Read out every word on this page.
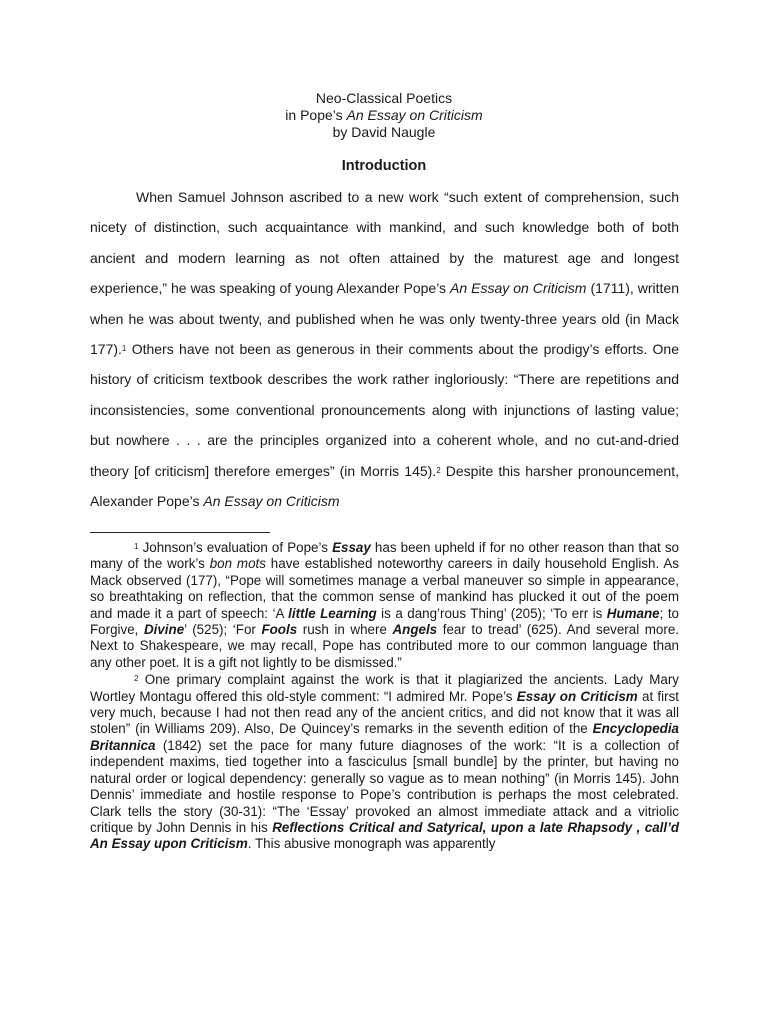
Neo-Classical Poetics
in Pope’s An Essay on Criticism
by David Naugle
Introduction

When Samuel Johnson ascribed to a new work “such extent of comprehension, such nicety of distinction, such acquaintance with mankind, and such knowledge both of both ancient and modern learning as not often attained by the maturest age and longest experience,” he was speaking of young Alexander Pope’s An Essay on Criticism (1711), written when he was about twenty, and published when he was only twenty-three years old (in Mack 177).$^1$ Others have not been as generous in their comments about the prodigy’s efforts. One history of criticism textbook describes the work rather ingloriously: “There are repetitions and inconsistencies, some conventional pronouncements along with injunctions of lasting value; but nowhere . . . are the principles organized into a coherent whole, and no cut-and-dried theory [of criticism] therefore emerges” (in Morris 145).$^2$ Despite this harsher pronouncement, Alexander Pope’s An Essay on Criticism

$^1$ Johnson’s evaluation of Pope’s Essay has been upheld if for no other reason than that so many of the work’s bon mots have established noteworthy careers in daily household English. As Mack observed (177), “Pope will sometimes manage a verbal maneuver so simple in appearance, so breathtaking on reflection, that the common sense of mankind has plucked it out of the poem and made it a part of speech: ‘A little Learning is a dang’rous Thing’ (205); ‘To err is Humane; to Forgive, Divine’ (525); ‘For Fools rush in where Angels fear to tread’ (625). And several more. Next to Shakespeare, we may recall, Pope has contributed more to our common language than any other poet. It is a gift not lightly to be dismissed.”

$^2$ One primary complaint against the work is that it plagiarized the ancients. Lady Mary Wortley Montagu offered this old-style comment: “I admired Mr. Pope’s Essay on Criticism at first very much, because I had not then read any of the ancient critics, and did not know that it was all stolen” (in Williams 209). Also, De Quincey’s remarks in the seventh edition of the Encyclopedia Britannica (1842) set the pace for many future diagnoses of the work: “It is a collection of independent maxims, tied together into a fasciculus [small bundle] by the printer, but having no natural order or logical dependency: generally so vague as to mean nothing” (in Morris 145). John Dennis’ immediate and hostile response to Pope’s contribution is perhaps the most celebrated. Clark tells the story (30-31): “The ‘Essay’ provoked an almost immediate attack and a vitriolic critique by John Dennis in his Reflections Critical and Satyrical, upon a late Rhapsody , call’d An Essay upon Criticism. This abusive monograph was apparently
